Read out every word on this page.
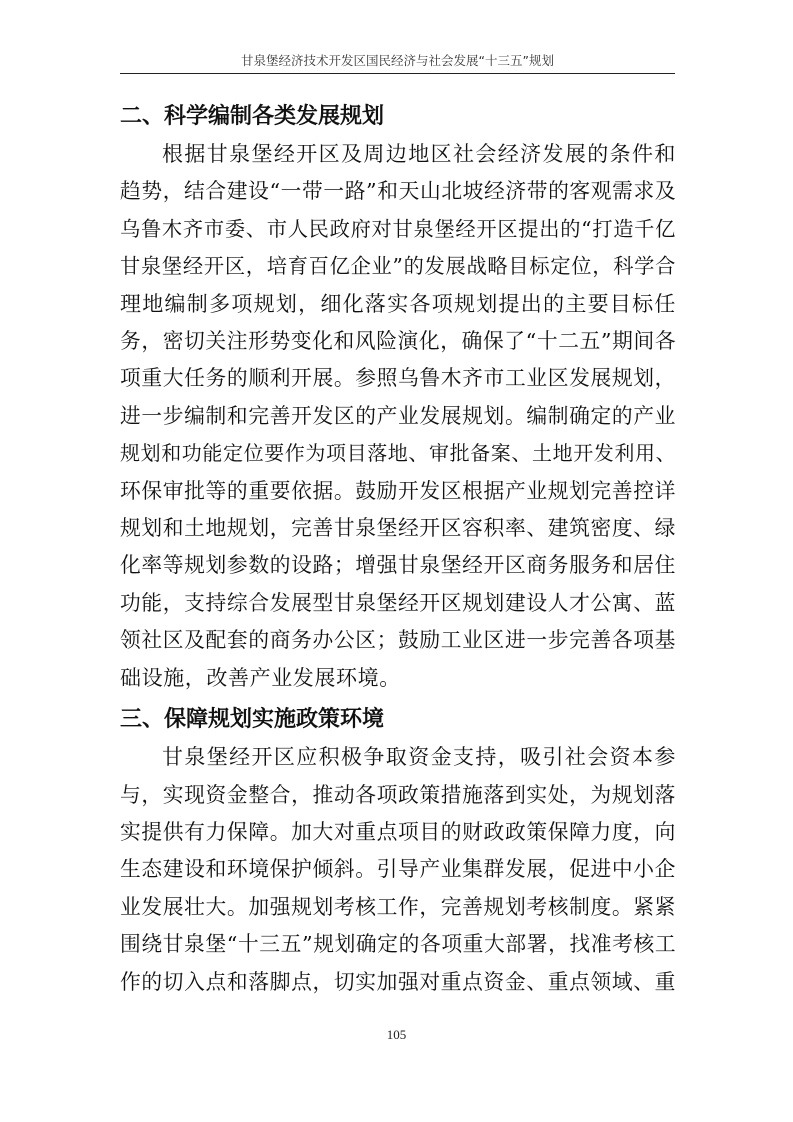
甘泉堡经济技术开发区国民经济与社会发展“十三五”规划
二、科学编制各类发展规划
根据甘泉堡经开区及周边地区社会经济发展的条件和
趋势，结合建设“一带一路”和天山北坡经济带的客观需求及
乌鲁木齐市委、市人民政府对甘泉堡经开区提出的“打造千亿
甘泉堡经开区，培育百亿企业”的发展战略目标定位，科学合
理地编制多项规划，细化落实各项规划提出的主要目标任
务，密切关注形势变化和风险演化，确保了“十二五”期间各
项重大任务的顺利开展。参照乌鲁木齐市工业区发展规划，
进一步编制和完善开发区的产业发展规划。编制确定的产业
规划和功能定位要作为项目落地、审批备案、土地开发利用、
环保审批等的重要依据。鼓励开发区根据产业规划完善控详
规划和土地规划，完善甘泉堡经开区容积率、建筑密度、绿
化率等规划参数的设路；增强甘泉堡经开区商务服务和居住
功能，支持综合发展型甘泉堡经开区规划建设人才公寓、蓝
领社区及配套的商务办公区；鼓励工业区进一步完善各项基
础设施，改善产业发展环境。
三、保障规划实施政策环境
甘泉堡经开区应积极争取资金支持，吸引社会资本参
与，实现资金整合，推动各项政策措施落到实处，为规划落
实提供有力保障。加大对重点项目的财政政策保障力度，向
生态建设和环境保护倾斜。引导产业集群发展，促进中小企
业发展壮大。加强规划考核工作，完善规划考核制度。紧紧
围绕甘泉堡“十三五”规划确定的各项重大部署，找准考核工
作的切入点和落脚点，切实加强对重点资金、重点领域、重
105
